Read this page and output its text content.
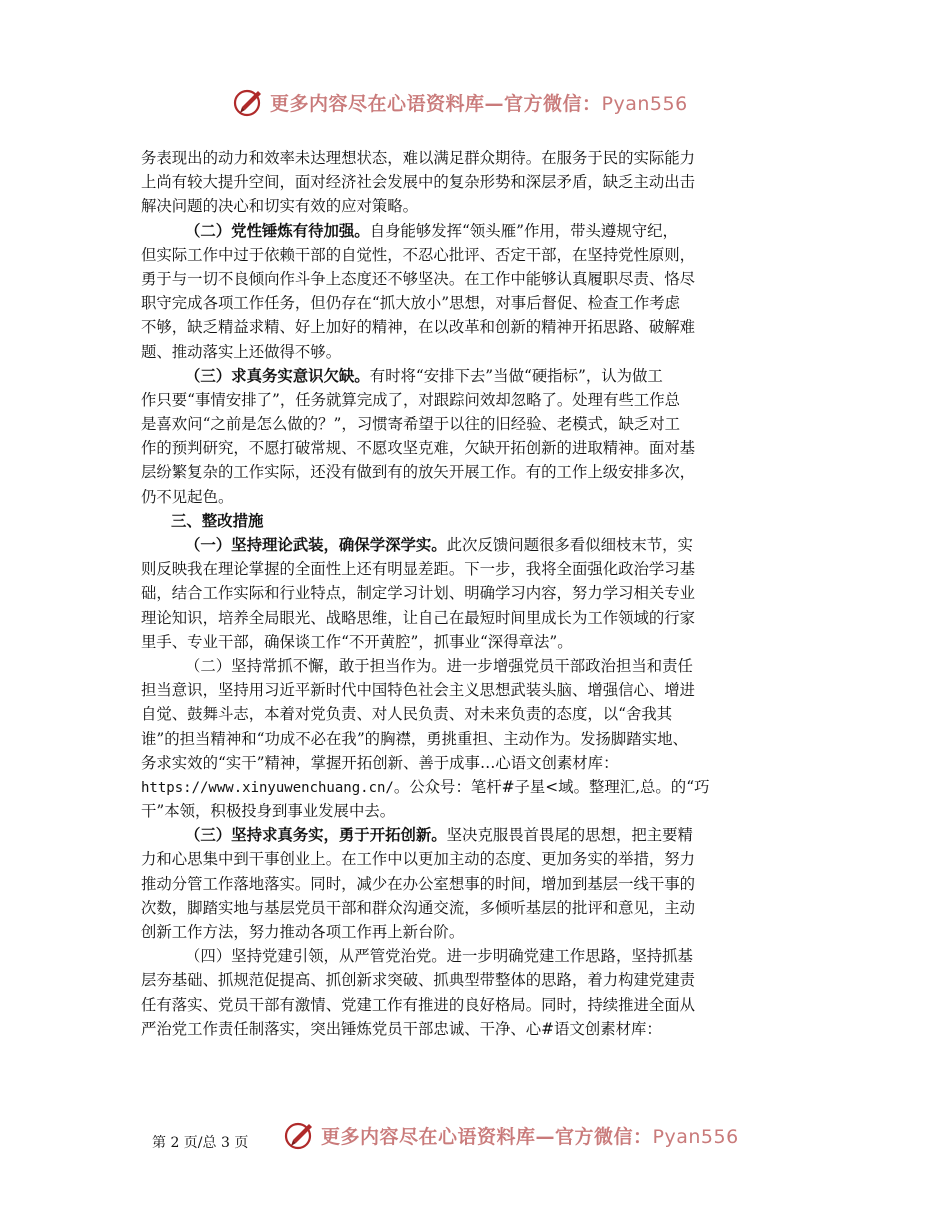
更多内容尽在心语资料库—官方微信：Pyan556

务表现出的动力和效率未达理想状态，难以满足群众期待。在服务于民的实际能力
上尚有较大提升空间，面对经济社会发展中的复杂形势和深层矛盾，缺乏主动出击
解决问题的决心和切实有效的应对策略。

（二）党性锤炼有待加强。自身能够发挥“领头雁”作用，带头遵规守纪，
但实际工作中过于依赖干部的自觉性，不忍心批评、否定干部，在坚持党性原则，
勇于与一切不良倾向作斗争上态度还不够坚决。在工作中能够认真履职尽责、恪尽
职守完成各项工作任务，但仍存在“抓大放小”思想，对事后督促、检查工作考虑
不够，缺乏精益求精、好上加好的精神，在以改革和创新的精神开拓思路、破解难
题、推动落实上还做得不够。

（三）求真务实意识欠缺。有时将“安排下去”当做“硬指标”，认为做工
作只要“事情安排了”，任务就算完成了，对跟踪问效却忽略了。处理有些工作总
是喜欢问“之前是怎么做的？”，习惯寄希望于以往的旧经验、老模式，缺乏对工
作的预判研究，不愿打破常规、不愿攻坚克难，欠缺开拓创新的进取精神。面对基
层纷繁复杂的工作实际，还没有做到有的放矢开展工作。有的工作上级安排多次，
仍不见起色。

三、整改措施

（一）坚持理论武装，确保学深学实。此次反馈问题很多看似细枝末节，实
则反映我在理论掌握的全面性上还有明显差距。下一步，我将全面强化政治学习基
础，结合工作实际和行业特点，制定学习计划、明确学习内容，努力学习相关专业
理论知识，培养全局眼光、战略思维，让自己在最短时间里成长为工作领域的行家
里手、专业干部，确保谈工作“不开黄腔”，抓事业“深得章法”。

（二）坚持常抓不懈，敢于担当作为。进一步增强党员干部政治担当和责任
担当意识，坚持用习近平新时代中国特色社会主义思想武装头脑、增强信心、增进
自觉、鼓舞斗志，本着对党负责、对人民负责、对未来负责的态度，以“舍我其
谁”的担当精神和“功成不必在我”的胸襟，勇挑重担、主动作为。发扬脚踏实地、
务求实效的“实干”精神，掌握开拓创新、善于成事…心语文创素材库：
https://www.xinyuwenchuang.cn/。公众号：笔杆#子星<域。整理汇,总。的“巧
干”本领，积极投身到事业发展中去。

（三）坚持求真务实，勇于开拓创新。坚决克服畏首畏尾的思想，把主要精
力和心思集中到干事创业上。在工作中以更加主动的态度、更加务实的举措，努力
推动分管工作落地落实。同时，减少在办公室想事的时间，增加到基层一线干事的
次数，脚踏实地与基层党员干部和群众沟通交流，多倾听基层的批评和意见，主动
创新工作方法，努力推动各项工作再上新台阶。

（四）坚持党建引领，从严管党治党。进一步明确党建工作思路，坚持抓基
层夯基础、抓规范促提高、抓创新求突破、抓典型带整体的思路，着力构建党建责
任有落实、党员干部有激情、党建工作有推进的良好格局。同时，持续推进全面从
严治党工作责任制落实，突出锤炼党员干部忠诚、干净、心#语文创素材库：

更多内容尽在心语资料库—官方微信：Pyan556
第 2 页/总 3 页
